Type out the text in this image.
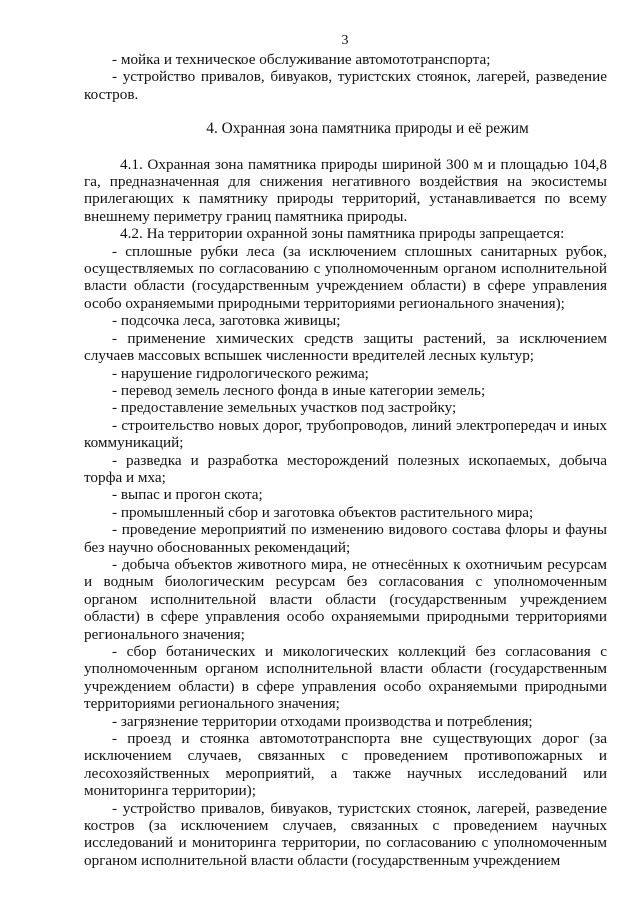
3

- мойка и техническое обслуживание автомототранспорта;

- устройство привалов, бивуаков, туристских стоянок, лагерей, разведение костров.

4. Охранная зона памятника природы и её режим

4.1. Охранная зона памятника природы шириной 300 м и площадью 104,8 га, предназначенная для снижения негативного воздействия на экосистемы прилегающих к памятнику природы территорий, устанавливается по всему внешнему периметру границ памятника природы.

4.2. На территории охранной зоны памятника природы запрещается:

- сплошные рубки леса (за исключением сплошных санитарных рубок, осуществляемых по согласованию с уполномоченным органом исполнительной власти области (государственным учреждением области) в сфере управления особо охраняемыми природными территориями регионального значения);

- подсочка леса, заготовка живицы;

- применение химических средств защиты растений, за исключением случаев массовых вспышек численности вредителей лесных культур;

- нарушение гидрологического режима;

- перевод земель лесного фонда в иные категории земель;

- предоставление земельных участков под застройку;

- строительство новых дорог, трубопроводов, линий электропередач и иных коммуникаций;

- разведка и разработка месторождений полезных ископаемых, добыча торфа и мха;

- выпас и прогон скота;

- промышленный сбор и заготовка объектов растительного мира;

- проведение мероприятий по изменению видового состава флоры и фауны без научно обоснованных рекомендаций;

- добыча объектов животного мира, не отнесённых к охотничьим ресурсам и водным биологическим ресурсам без согласования с уполномоченным органом исполнительной власти области (государственным учреждением области) в сфере управления особо охраняемыми природными территориями регионального значения;

- сбор ботанических и микологических коллекций без согласования с уполномоченным органом исполнительной власти области (государственным учреждением области) в сфере управления особо охраняемыми природными территориями регионального значения;

- загрязнение территории отходами производства и потребления;

- проезд и стоянка автомототранспорта вне существующих дорог (за исключением случаев, связанных с проведением противопожарных и лесохозяйственных мероприятий, а также научных исследований или мониторинга территории);

- устройство привалов, бивуаков, туристских стоянок, лагерей, разведение костров (за исключением случаев, связанных с проведением научных исследований и мониторинга территории, по согласованию с уполномоченным органом исполнительной власти области (государственным учреждением
